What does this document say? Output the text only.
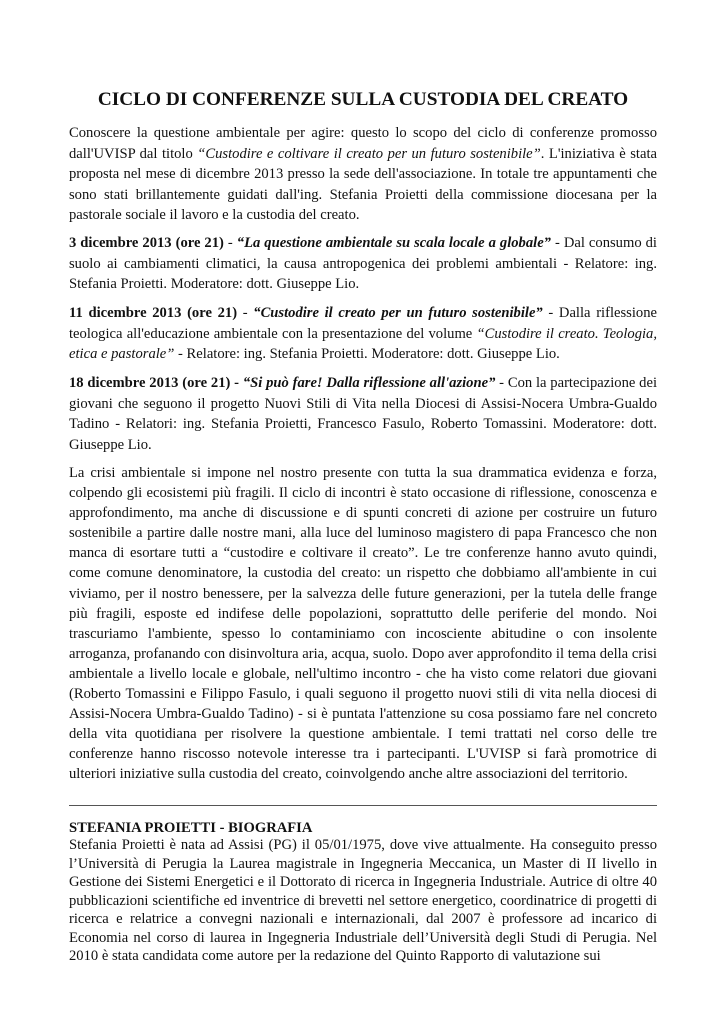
CICLO DI CONFERENZE SULLA CUSTODIA DEL CREATO

Conoscere la questione ambientale per agire: questo lo scopo del ciclo di conferenze promosso dall'UVISP dal titolo “Custodire e coltivare il creato per un futuro sostenibile”. L'iniziativa è stata proposta nel mese di dicembre 2013 presso la sede dell'associazione. In totale tre appuntamenti che sono stati brillantemente guidati dall'ing. Stefania Proietti della commissione diocesana per la pastorale sociale il lavoro e la custodia del creato.

3 dicembre 2013 (ore 21) - “La questione ambientale su scala locale a globale” - Dal consumo di suolo ai cambiamenti climatici, la causa antropogenica dei problemi ambientali - Relatore: ing. Stefania Proietti. Moderatore: dott. Giuseppe Lio.

11 dicembre 2013 (ore 21) - “Custodire il creato per un futuro sostenibile” - Dalla riflessione teologica all'educazione ambientale con la presentazione del volume “Custodire il creato. Teologia, etica e pastorale” - Relatore: ing. Stefania Proietti. Moderatore: dott. Giuseppe Lio.

18 dicembre 2013 (ore 21) - “Si può fare! Dalla riflessione all'azione” - Con la partecipazione dei giovani che seguono il progetto Nuovi Stili di Vita nella Diocesi di Assisi-Nocera Umbra-Gualdo Tadino - Relatori: ing. Stefania Proietti, Francesco Fasulo, Roberto Tomassini. Moderatore: dott. Giuseppe Lio.

La crisi ambientale si impone nel nostro presente con tutta la sua drammatica evidenza e forza, colpendo gli ecosistemi più fragili. Il ciclo di incontri è stato occasione di riflessione, conoscenza e approfondimento, ma anche di discussione e di spunti concreti di azione per costruire un futuro sostenibile a partire dalle nostre mani, alla luce del luminoso magistero di papa Francesco che non manca di esortare tutti a “custodire e coltivare il creato”. Le tre conferenze hanno avuto quindi, come comune denominatore, la custodia del creato: un rispetto che dobbiamo all'ambiente in cui viviamo, per il nostro benessere, per la salvezza delle future generazioni, per la tutela delle frange più fragili, esposte ed indifese delle popolazioni, soprattutto delle periferie del mondo. Noi trascuriamo l'ambiente, spesso lo contaminiamo con incosciente abitudine o con insolente arroganza, profanando con disinvoltura aria, acqua, suolo. Dopo aver approfondito il tema della crisi ambientale a livello locale e globale, nell'ultimo incontro - che ha visto come relatori due giovani (Roberto Tomassini e Filippo Fasulo, i quali seguono il progetto nuovi stili di vita nella diocesi di Assisi-Nocera Umbra-Gualdo Tadino) - si è puntata l'attenzione su cosa possiamo fare nel concreto della vita quotidiana per risolvere la questione ambientale. I temi trattati nel corso delle tre conferenze hanno riscosso notevole interesse tra i partecipanti. L'UVISP si farà promotrice di ulteriori iniziative sulla custodia del creato, coinvolgendo anche altre associazioni del territorio.

STEFANIA PROIETTI - BIOGRAFIA

Stefania Proietti è nata ad Assisi (PG) il 05/01/1975, dove vive attualmente. Ha conseguito presso l’Università di Perugia la Laurea magistrale in Ingegneria Meccanica, un Master di II livello in Gestione dei Sistemi Energetici e il Dottorato di ricerca in Ingegneria Industriale. Autrice di oltre 40 pubblicazioni scientifiche ed inventrice di brevetti nel settore energetico, coordinatrice di progetti di ricerca e relatrice a convegni nazionali e internazionali, dal 2007 è professore ad incarico di Economia nel corso di laurea in Ingegneria Industriale dell’Università degli Studi di Perugia. Nel 2010 è stata candidata come autore per la redazione del Quinto Rapporto di valutazione sui
